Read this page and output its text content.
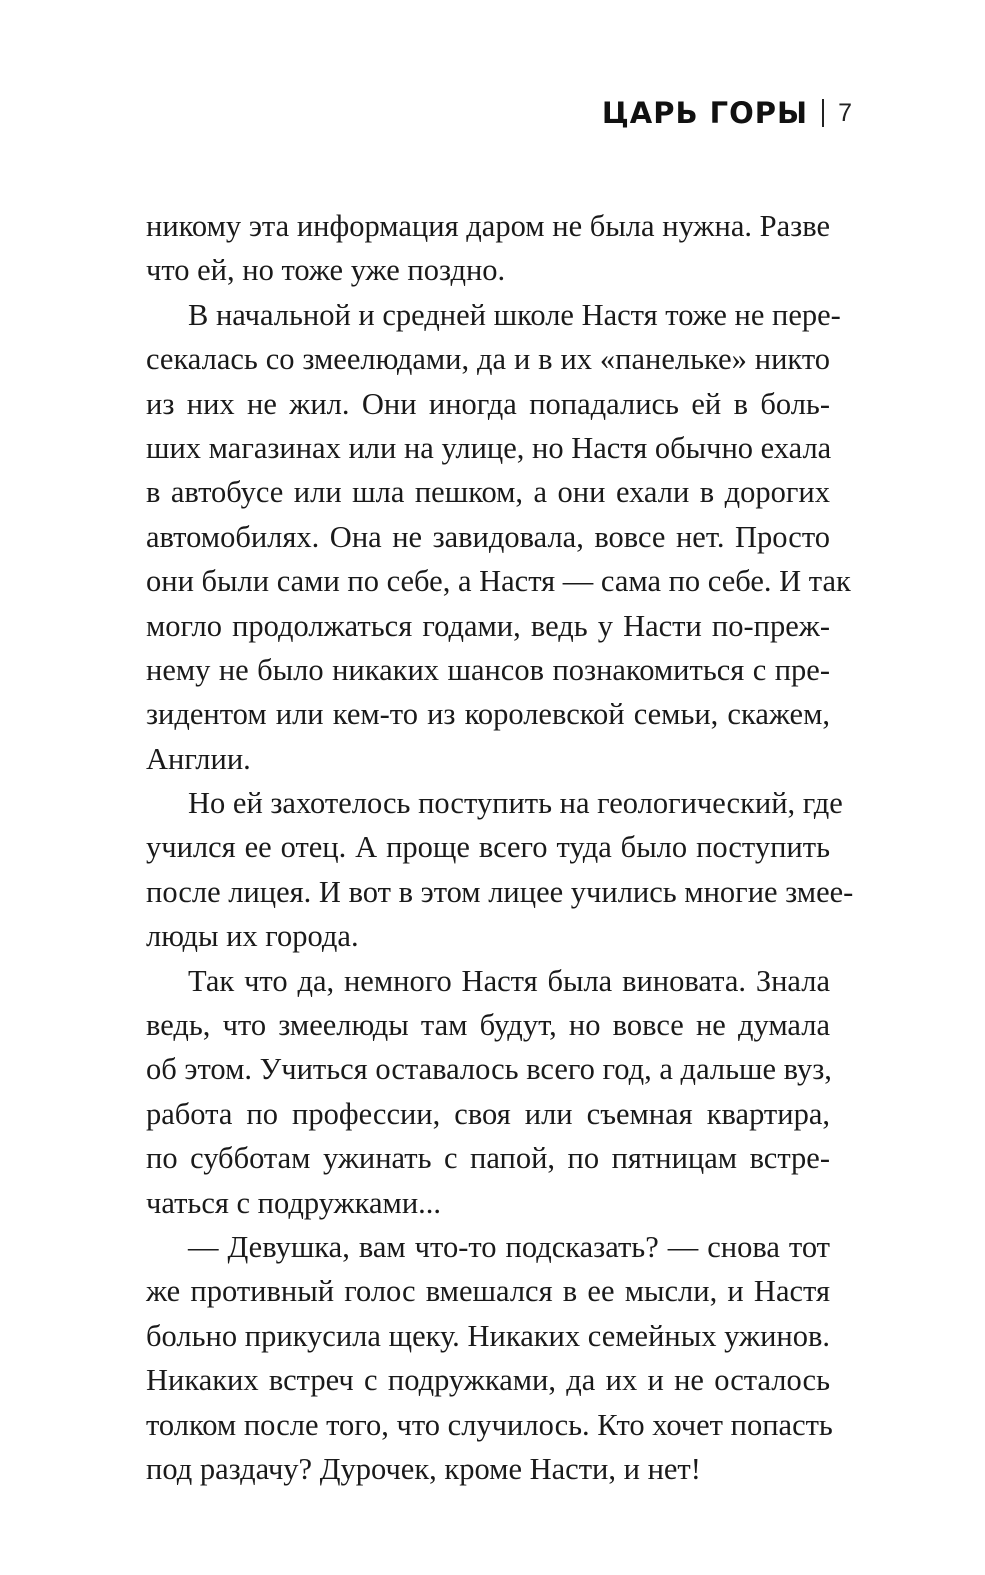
ЦАРЬ ГОРЫ 7
никому эта информация даром не была нужна. Разве
что ей, но тоже уже поздно.
В начальной и средней школе Настя тоже не пере-
секалась со змеелюдами, да и в их «панельке» никто
из них не жил. Они иногда попадались ей в боль-
ших магазинах или на улице, но Настя обычно ехала
в автобусе или шла пешком, а они ехали в дорогих
автомобилях. Она не завидовала, вовсе нет. Просто
они были сами по себе, а Настя — сама по себе. И так
могло продолжаться годами, ведь у Насти по-преж-
нему не было никаких шансов познакомиться с пре-
зидентом или кем-то из королевской семьи, скажем,
Англии.
Но ей захотелось поступить на геологический, где
учился ее отец. А проще всего туда было поступить
после лицея. И вот в этом лицее учились многие змее-
люды их города.
Так что да, немного Настя была виновата. Знала
ведь, что змеелюды там будут, но вовсе не думала
об этом. Учиться оставалось всего год, а дальше вуз,
работа по профессии, своя или съемная квартира,
по субботам ужинать с папой, по пятницам встре-
чаться с подружками...
— Девушка, вам что-то подсказать? — снова тот
же противный голос вмешался в ее мысли, и Настя
больно прикусила щеку. Никаких семейных ужинов.
Никаких встреч с подружками, да их и не осталось
толком после того, что случилось. Кто хочет попасть
под раздачу? Дурочек, кроме Насти, и нет!
